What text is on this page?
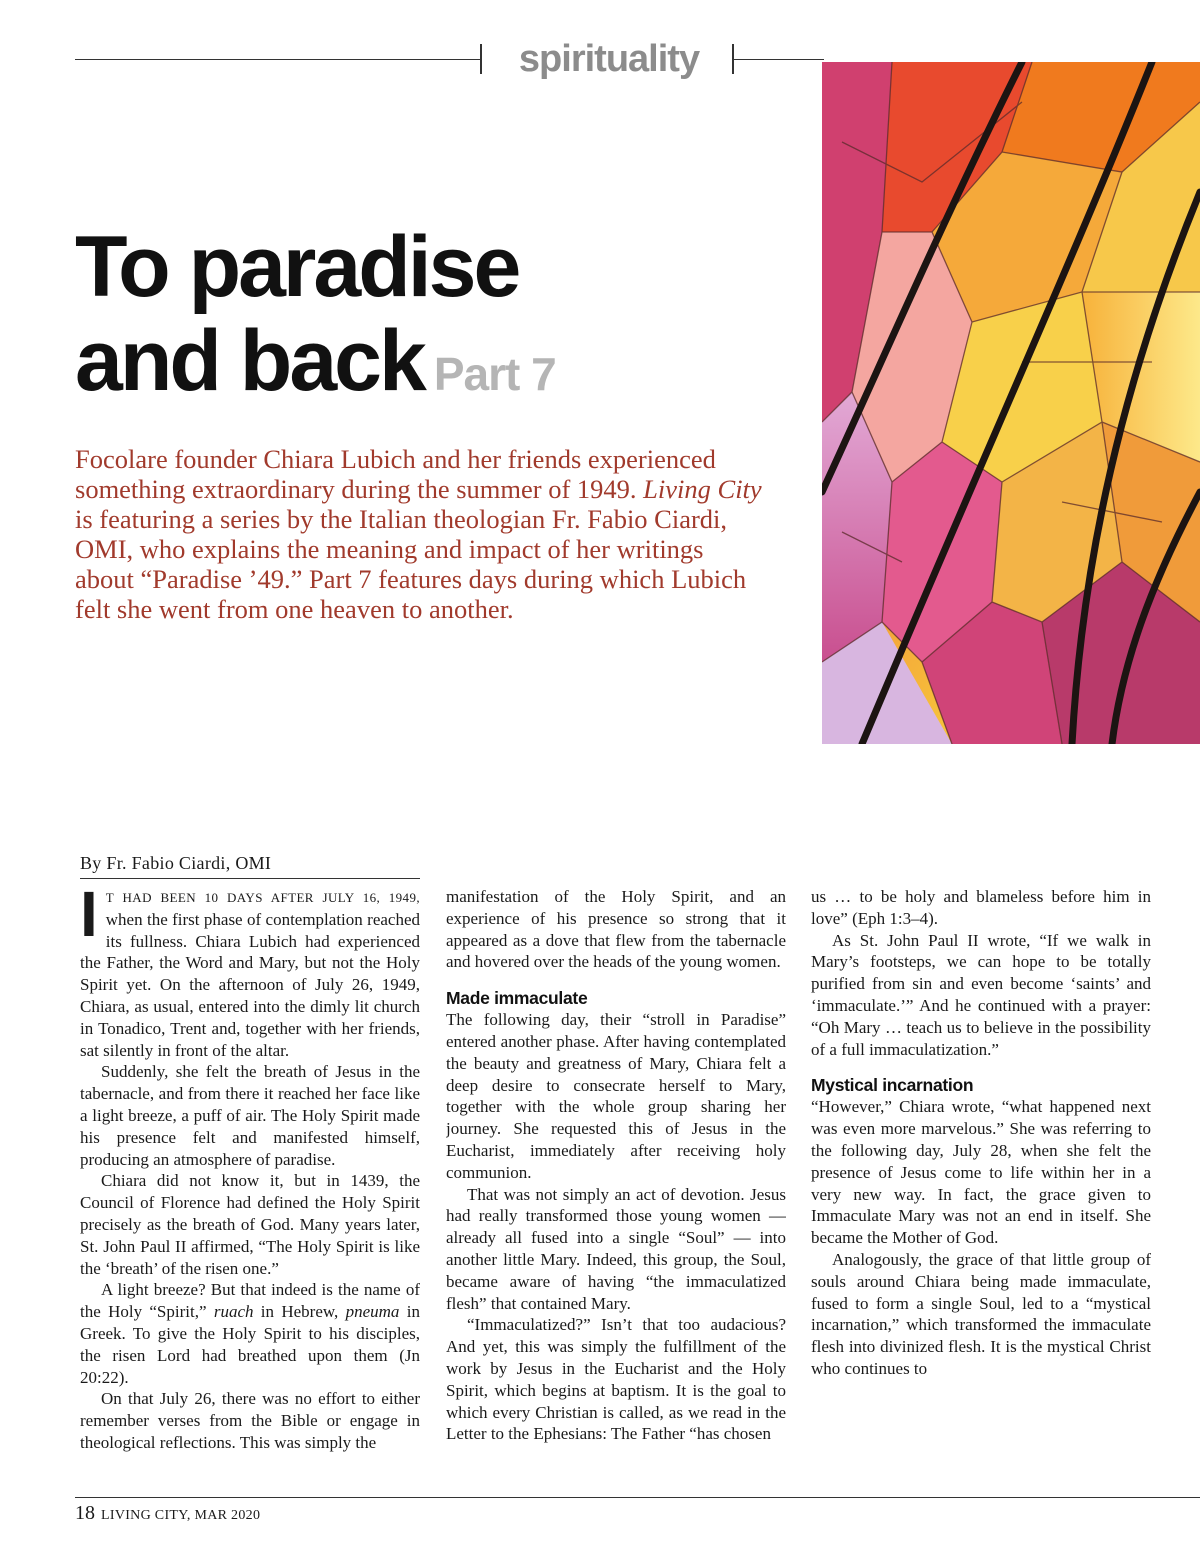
spirituality
To paradise
and back Part 7

Focolare founder Chiara Lubich and her friends experienced something extraordinary during the summer of 1949. Living City is featuring a series by the Italian theologian Fr. Fabio Ciardi, OMI, who explains the meaning and impact of her writings about “Paradise ’49.” Part 7 features days during which Lubich felt she went from one heaven to another.

By Fr. Fabio Ciardi, OMI

IT HAD BEEN 10 DAYS AFTER JULY 16, 1949, when the first phase of contemplation reached its fullness. Chiara Lubich had experienced the Father, the Word and Mary, but not the Holy Spirit yet. On the afternoon of July 26, 1949, Chiara, as usual, entered into the dimly lit church in Tonadico, Trent and, together with her friends, sat silently in front of the altar.

Suddenly, she felt the breath of Jesus in the tabernacle, and from there it reached her face like a light breeze, a puff of air. The Holy Spirit made his presence felt and manifested himself, producing an atmosphere of paradise.

Chiara did not know it, but in 1439, the Council of Florence had defined the Holy Spirit precisely as the breath of God. Many years later, St. John Paul II affirmed, “The Holy Spirit is like the ‘breath’ of the risen one.”

A light breeze? But that indeed is the name of the Holy “Spirit,” ruach in Hebrew, pneuma in Greek. To give the Holy Spirit to his disciples, the risen Lord had breathed upon them (Jn 20:22).

On that July 26, there was no effort to either remember verses from the Bible or engage in theological reflections. This was simply the

manifestation of the Holy Spirit, and an experience of his presence so strong that it appeared as a dove that flew from the tabernacle and hovered over the heads of the young women.

Made immaculate

The following day, their “stroll in Paradise” entered another phase. After having contemplated the beauty and greatness of Mary, Chiara felt a deep desire to consecrate herself to Mary, together with the whole group sharing her journey. She requested this of Jesus in the Eucharist, immediately after receiving holy communion.

That was not simply an act of devotion. Jesus had really transformed those young women — already all fused into a single “Soul” — into another little Mary. Indeed, this group, the Soul, became aware of having “the immaculatized flesh” that contained Mary.

“Immaculatized?” Isn’t that too audacious? And yet, this was simply the fulfillment of the work by Jesus in the Eucharist and the Holy Spirit, which begins at baptism. It is the goal to which every Christian is called, as we read in the Letter to the Ephesians: The Father “has chosen

us … to be holy and blameless before him in love” (Eph 1:3–4).

As St. John Paul II wrote, “If we walk in Mary’s footsteps, we can hope to be totally purified from sin and even become ‘saints’ and ‘immaculate.’” And he continued with a prayer: “Oh Mary … teach us to believe in the possibility of a full immaculatization.”

Mystical incarnation

“However,” Chiara wrote, “what happened next was even more marvelous.” She was referring to the following day, July 28, when she felt the presence of Jesus come to life within her in a very new way. In fact, the grace given to Immaculate Mary was not an end in itself. She became the Mother of God.

Analogously, the grace of that little group of souls around Chiara being made immaculate, fused to form a single Soul, led to a “mystical incarnation,” which transformed the immaculate flesh into divinized flesh. It is the mystical Christ who continues to

18 LIVING CITY, MAR 2020
